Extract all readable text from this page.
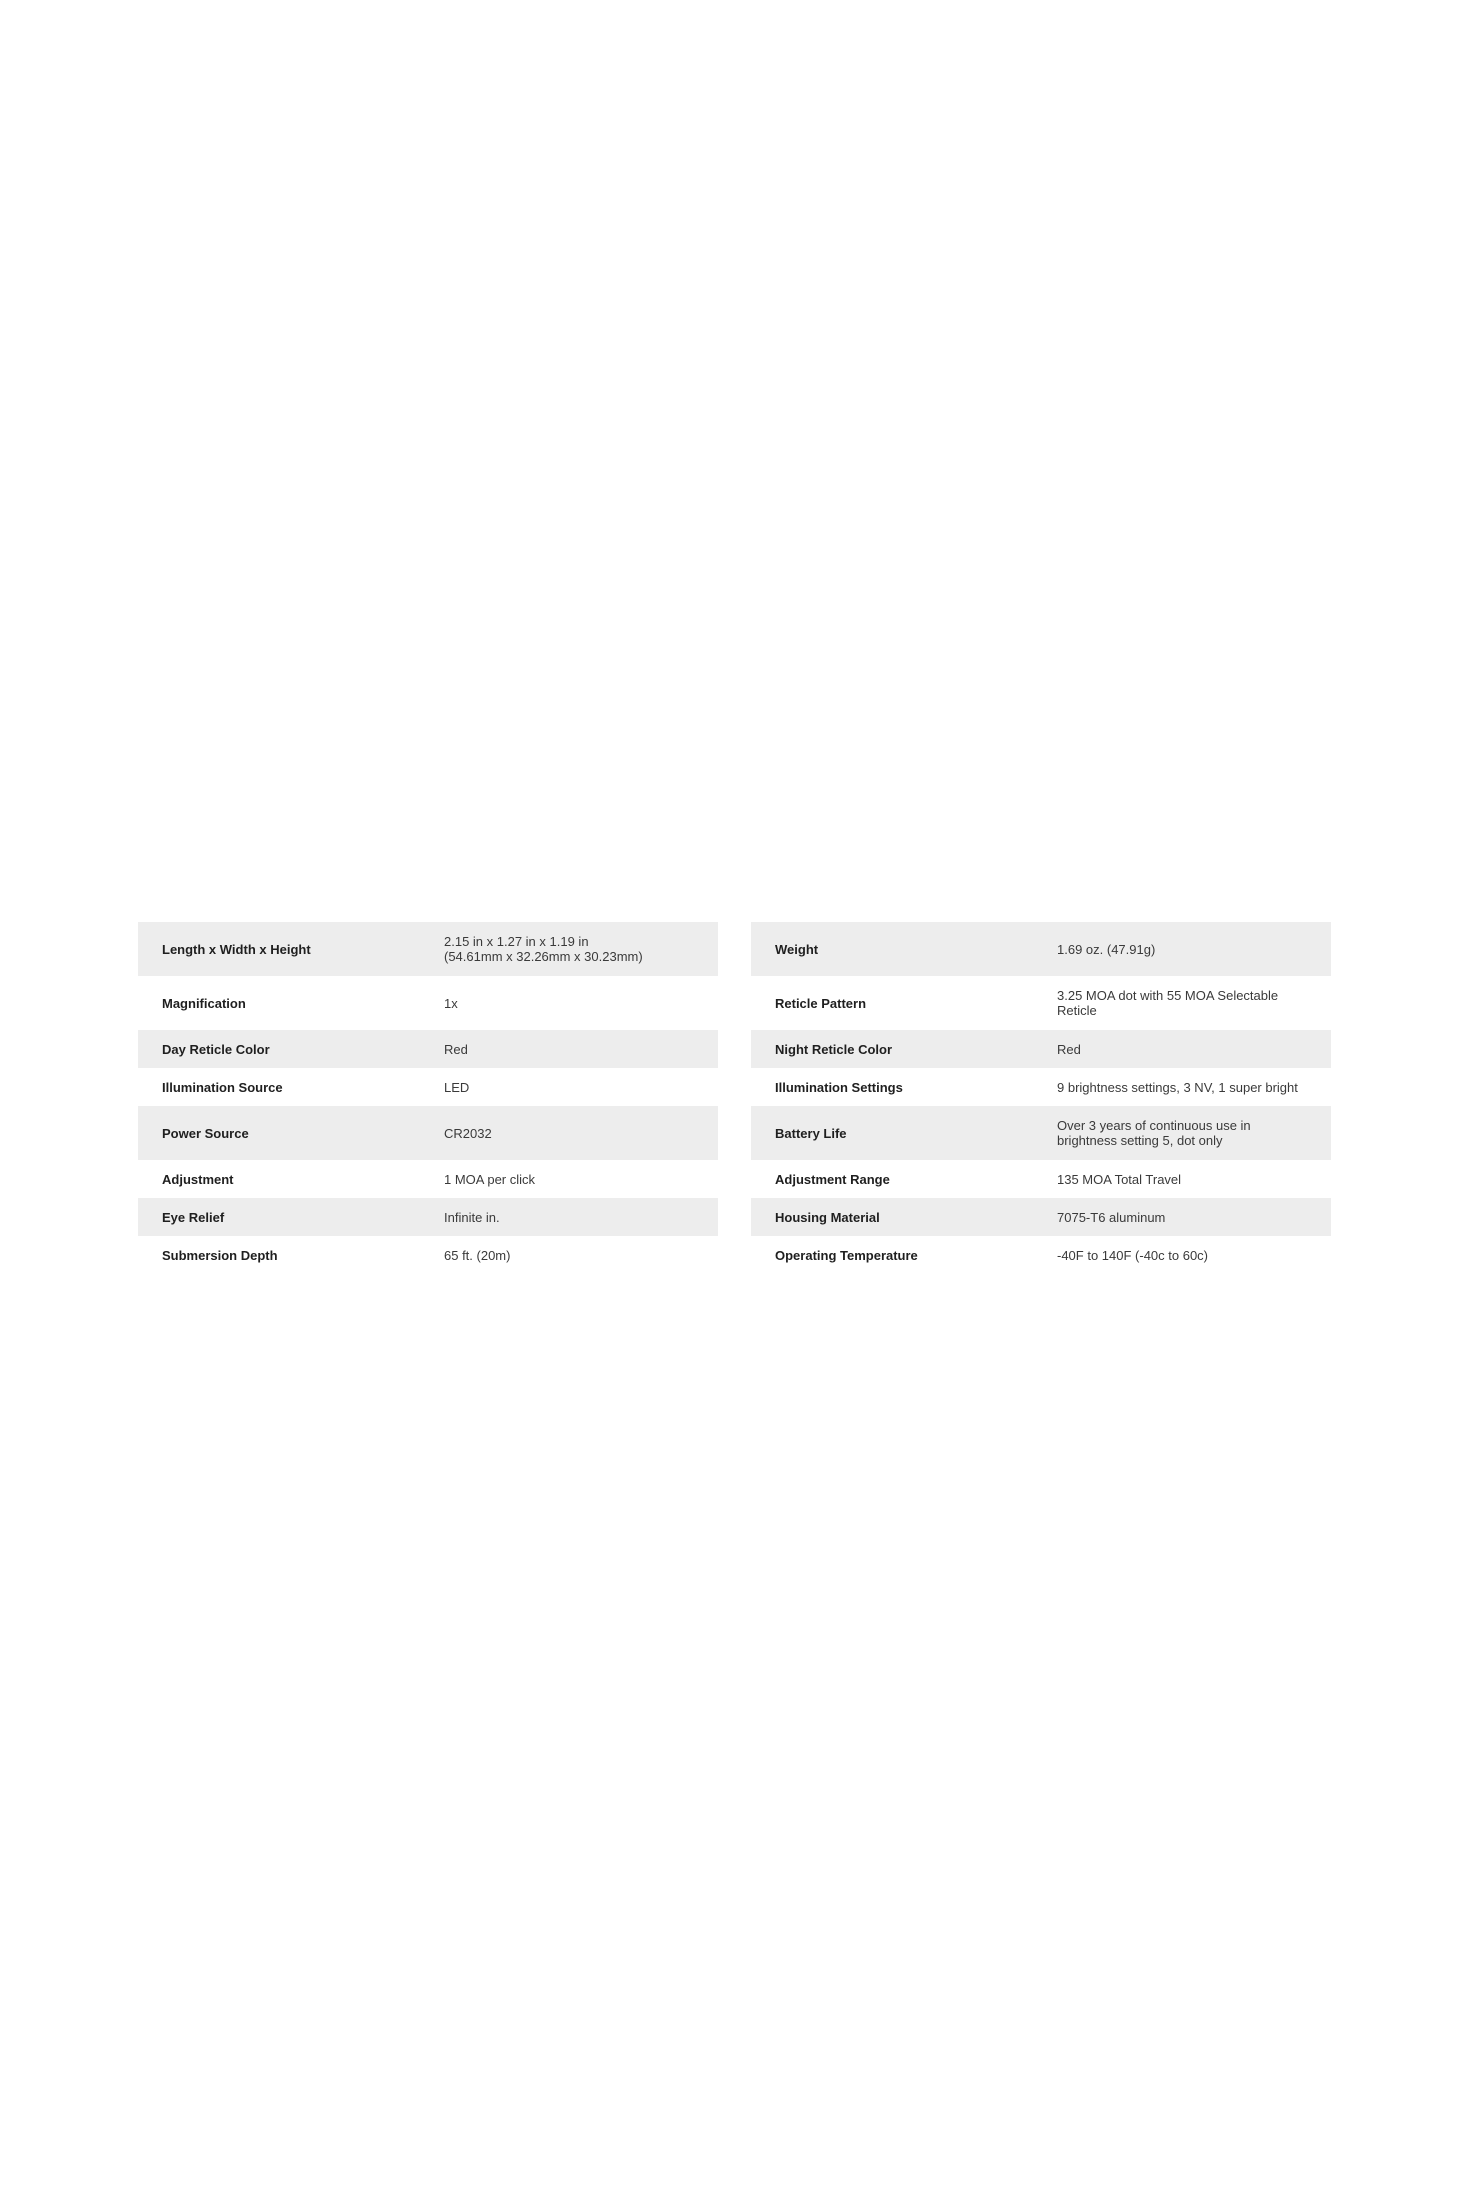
Length x Width x Height	2.15 in x 1.27 in x 1.19 in
(54.61mm x 32.26mm x 30.23mm)

Magnification	1x

Day Reticle Color	Red

Illumination Source	LED

Power Source	CR2032

Adjustment	1 MOA per click

Eye Relief	Infinite in.

Submersion Depth	65 ft. (20m)
Weight	1.69 oz. (47.91g)

Reticle Pattern	3.25 MOA dot with 55 MOA Selectable
Reticle

Night Reticle Color	Red

Illumination Settings	9 brightness settings, 3 NV, 1 super bright

Battery Life	Over 3 years of continuous use in
brightness setting 5, dot only

Adjustment Range	135 MOA Total Travel

Housing Material	7075-T6 aluminum

Operating Temperature	-40F to 140F (-40c to 60c)
